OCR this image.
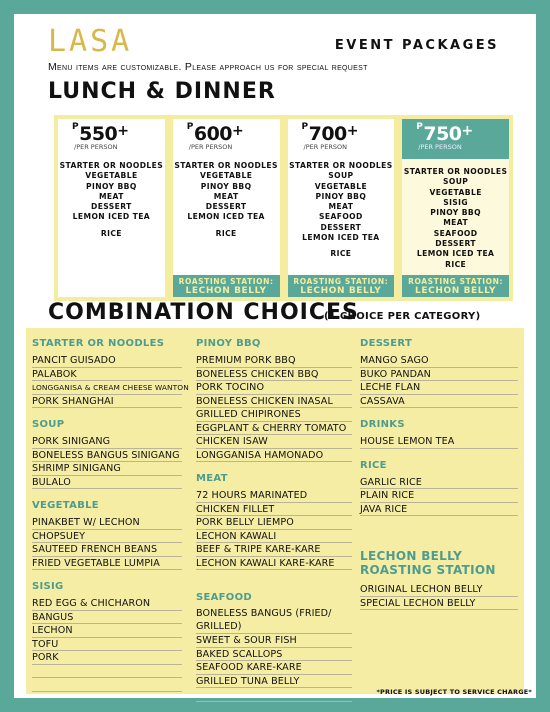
LASA	EVENT PACKAGES
Menu items are customizable. Please approach us for special request
LUNCH & DINNER
$^P$550+
/PER PERSON
STARTER OR NOODLES
VEGETABLE
PINOY BBQ
MEAT
DESSERT
LEMON ICED TEA
RICE
$^P$600+
/PER PERSON
STARTER OR NOODLES
VEGETABLE
PINOY BBQ
MEAT
DESSERT
LEMON ICED TEA
RICE
ROASTING STATION:
LECHON BELLY
$^P$700+
/PER PERSON
STARTER OR NOODLES
SOUP
VEGETABLE
PINOY BBQ
MEAT
SEAFOOD
DESSERT
LEMON ICED TEA
RICE
ROASTING STATION:
LECHON BELLY
$^P$750+
/PER PERSON
STARTER OR NOODLES
SOUP
VEGETABLE
SISIG
PINOY BBQ
MEAT
SEAFOOD
DESSERT
LEMON ICED TEA
RICE
ROASTING STATION:
LECHON BELLY
COMBINATION CHOICES
(1 CHOICE PER CATEGORY)
STARTER OR NOODLES
PANCIT GUISADO
PALABOK
LONGGANISA & CREAM CHEESE WANTON
PORK SHANGHAI
SOUP
PORK SINIGANG
BONELESS BANGUS SINIGANG
SHRIMP SINIGANG
BULALO
VEGETABLE
PINAKBET W/ LECHON
CHOPSUEY
SAUTEED FRENCH BEANS
FRIED VEGETABLE LUMPIA
SISIG
RED EGG & CHICHARON
BANGUS
LECHON
TOFU
PORK
PINOY BBQ
PREMIUM PORK BBQ
BONELESS CHICKEN BBQ
PORK TOCINO
BONELESS CHICKEN INASAL
GRILLED CHIPIRONES
EGGPLANT & CHERRY TOMATO
CHICKEN ISAW
LONGGANISA HAMONADO
MEAT
72 HOURS MARINATED
CHICKEN FILLET
PORK BELLY LIEMPO
LECHON KAWALI
BEEF & TRIPE KARE-KARE
LECHON KAWALI KARE-KARE
SEAFOOD
BONELESS BANGUS (FRIED/ GRILLED)
SWEET & SOUR FISH
BAKED SCALLOPS
SEAFOOD KARE-KARE
GRILLED TUNA BELLY
DESSERT
MANGO SAGO
BUKO PANDAN
LECHE FLAN
CASSAVA
DRINKS
HOUSE LEMON TEA
RICE
GARLIC RICE
PLAIN RICE
JAVA RICE
LECHON BELLY ROASTING STATION
ORIGINAL LECHON BELLY
SPECIAL LECHON BELLY
*PRICE IS SUBJECT TO SERVICE CHARGE*
